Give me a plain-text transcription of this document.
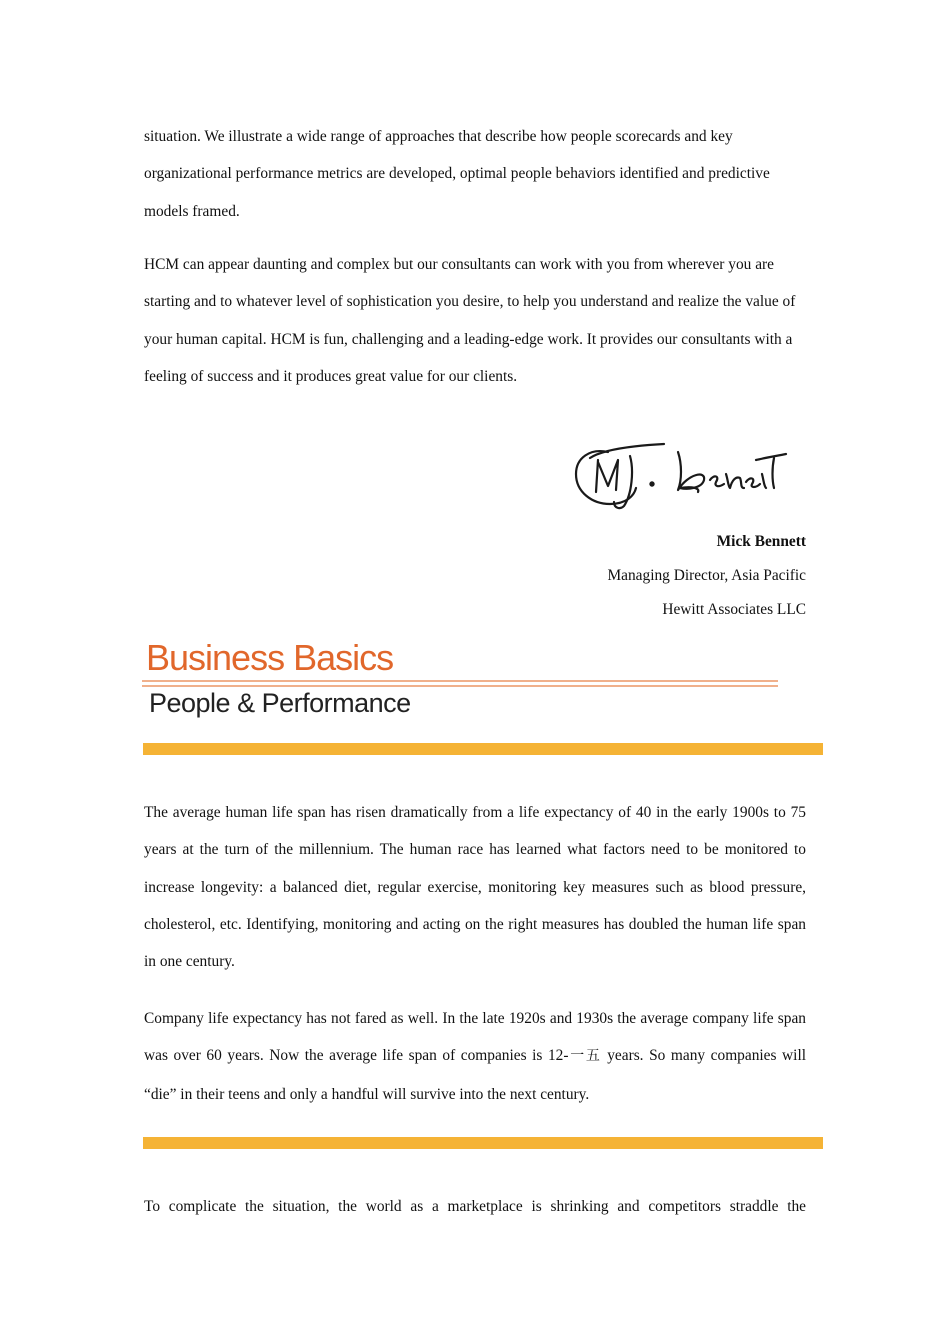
situation. We illustrate a wide range of approaches that describe how people scorecards and key organizational performance metrics are developed, optimal people behaviors identified and predictive models framed.

HCM can appear daunting and complex but our consultants can work with you from wherever you are starting and to whatever level of sophistication you desire, to help you understand and realize the value of your human capital. HCM is fun, challenging and a leading-edge work. It provides our consultants with a feeling of success and it produces great value for our clients.

Mick Bennett
Managing Director, Asia Pacific
Hewitt Associates LLC
Business Basics
People & Performance

The average human life span has risen dramatically from a life expectancy of 40 in the early 1900s to 75 years at the turn of the millennium. The human race has learned what factors need to be monitored to increase longevity: a balanced diet, regular exercise, monitoring key measures such as blood pressure, cholesterol, etc. Identifying, monitoring and acting on the right measures has doubled the human life span in one century.

Company life expectancy has not fared as well. In the late 1920s and 1930s the average company life span was over 60 years. Now the average life span of companies is 12-一五 years. So many companies will “die” in their teens and only a handful will survive into the next century.

To complicate the situation, the world as a marketplace is shrinking and competitors straddle the
